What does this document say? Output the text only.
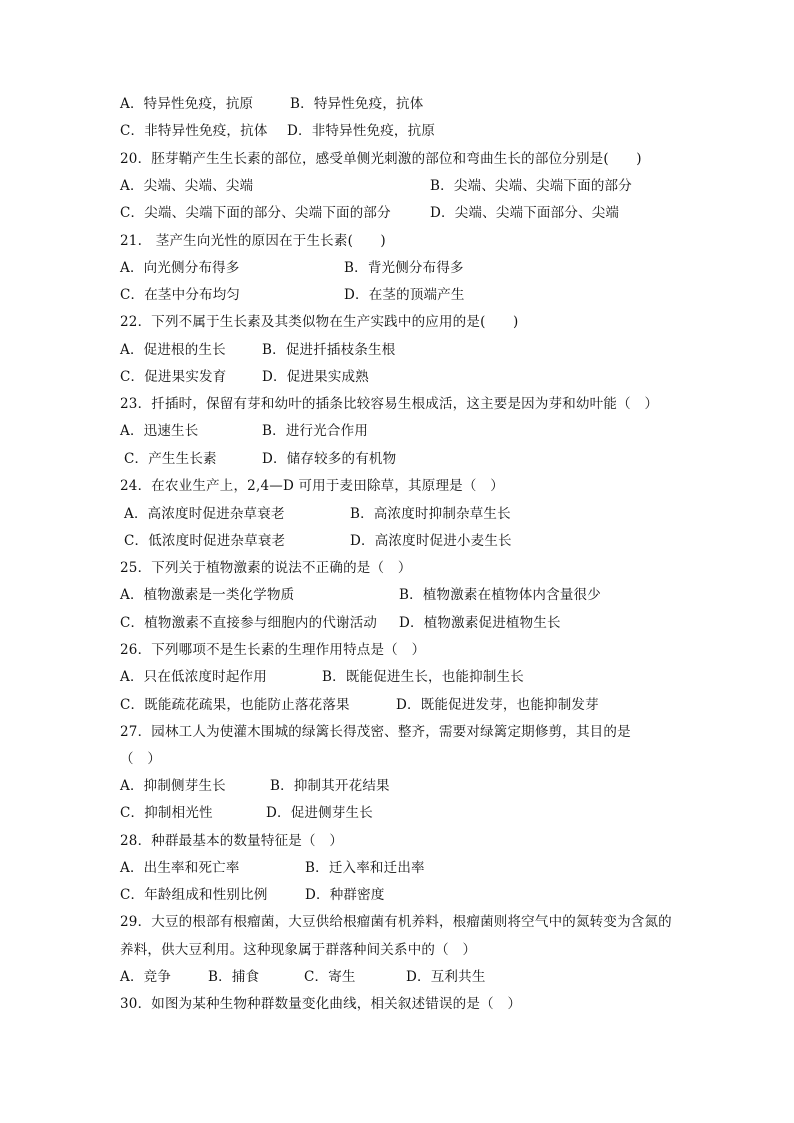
A．特异性免疫，抗原

	B．特异性免疫，抗体

C．非特异性免疫，抗体

D．非特异性免疫，抗原

20．胚芽鞘产生生长素的部位，感受单侧光刺激的部位和弯曲生长的部位分别是(　　)

A．尖端、尖端、尖端

	B．尖端、尖端、尖端下面的部分

C．尖端、尖端下面的部分、尖端下面的部分

	D．尖端、尖端下面部分、尖端

21.　茎产生向光性的原因在于生长素(　　)

A．向光侧分布得多

	B．背光侧分布得多

C．在茎中分布均匀

	D．在茎的顶端产生

22．下列不属于生长素及其类似物在生产实践中的应用的是(　　)

A．促进根的生长

	B．促进扦插枝条生根

C．促进果实发育

	D．促进果实成熟

23．扦插时，保留有芽和幼叶的插条比较容易生根成活，这主要是因为芽和幼叶能（　）

A．迅速生长

	B．进行光合作用

C．产生生长素

	D．储存较多的有机物

24．在农业生产上，2,4—D 可用于麦田除草，其原理是（　）

A．高浓度时促进杂草衰老

	B．高浓度时抑制杂草生长

C．低浓度时促进杂草衰老

	D．高浓度时促进小麦生长

25．下列关于植物激素的说法不正确的是（　）

A．植物激素是一类化学物质

	B．植物激素在植物体内含量很少

C．植物激素不直接参与细胞内的代谢活动

D．植物激素促进植物生长

26．下列哪项不是生长素的生理作用特点是（　）

A．只在低浓度时起作用

	B．既能促进生长，也能抑制生长

C．既能疏花疏果，也能防止落花落果

	D．既能促进发芽，也能抑制发芽

27．园林工人为使灌木围城的绿篱长得茂密、整齐，需要对绿篱定期修剪，其目的是
（　）

A．抑制侧芽生长

	B．抑制其开花结果

C．抑制相光性

	D．促进侧芽生长

28．种群最基本的数量特征是（　）

A．出生率和死亡率

	B．迁入率和迁出率

C．年龄组成和性别比例

	D．种群密度

29．大豆的根部有根瘤菌，大豆供给根瘤菌有机养料，根瘤菌则将空气中的氮转变为含氮的
养料，供大豆利用。这种现象属于群落种间关系中的（　）

A．竞争

	B．捕食

	C．寄生

	D．互利共生

30．如图为某种生物种群数量变化曲线，相关叙述错误的是（　）
